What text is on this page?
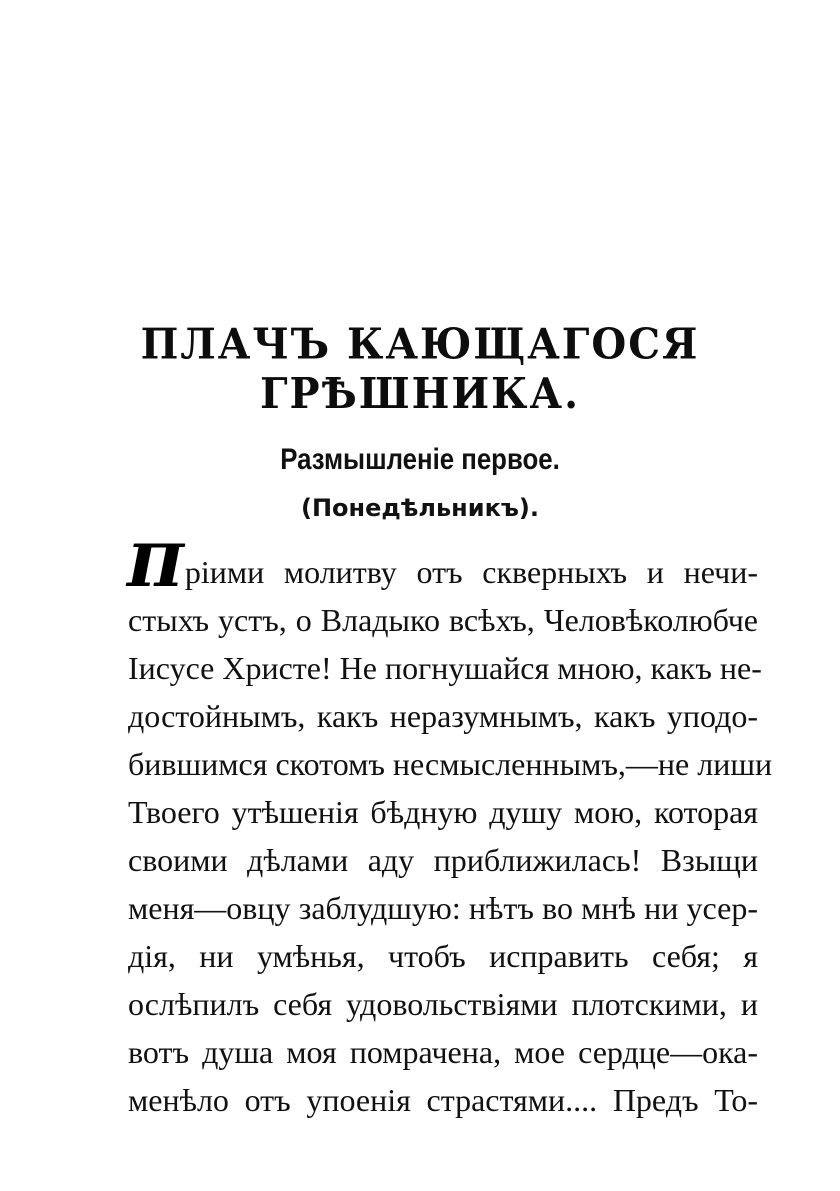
ПЛАЧЪ КАЮЩАГОСЯ ГРѢШНИКА.
Размышленіе первое.
(Понедѣльникъ).
Пріими молитву отъ скверныхъ и нечи-
стыхъ устъ, о Владыко всѣхъ, Человѣколюбче
Іисусе Христе! Не погнушайся мною, какъ не-
достойнымъ, какъ неразумнымъ, какъ уподо-
бившимся скотомъ несмысленнымъ,—не лиши
Твоего утѣшенія бѣдную душу мою, которая
своими дѣлами аду приближилась! Взыщи
меня—овцу заблудшую: нѣтъ во мнѣ ни усер-
дія, ни умѣнья, чтобъ исправить себя; я
ослѣпилъ себя удовольствіями плотскими, и
вотъ душа моя помрачена, мое сердце—ока-
менѣло отъ упоенія страстями.... Предъ То-
